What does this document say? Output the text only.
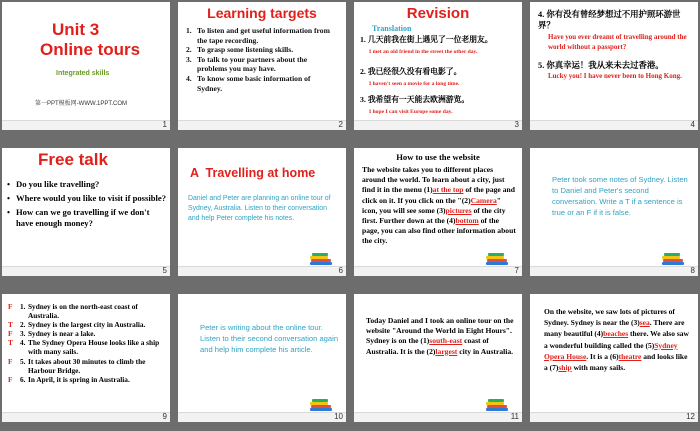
Unit 3
Online tours
Integrated skills
第一PPT模板网-WWW.1PPT.COM
1
Learning targets
1. To listen and get useful information from the tape recording.
2. To grasp some listening skills.
3. To talk to your partners about the problems you may have.
4. To know some basic information of Sydney.
2
Revision
Translation
1. 几天前我在街上遇见了一位老朋友。
I met an old friend in the street the other day.
2. 我已经很久没有看电影了。
I haven't seen a movie for a long time.
3. 我希望有一天能去欧洲游览。
I hope I can visit Europe some day.
3
4. 你有没有曾经梦想过不用护照环游世界？
Have you ever dreamt of travelling around the world without a passport?
5. 你真幸运！我从来未去过香港。
Lucky you! I have never been to Hong Kong.
4
Free talk
• Do you like travelling?
• Where would you like to visit if possible?
• How can we go travelling if we don't have enough money?
5
A  Travelling at home
Daniel and Peter are planning an online tour of Sydney, Australia. Listen to their conversation and help Peter complete his notes.
6
How to use the website
The website takes you to different places around the world. To learn about a city, just find it in the menu (1)at the top of the page and click on it. If you click on the "(2)Camera" icon, you will see some (3)pictures of the city first. Further down at the (4)bottom of the page, you can also find other information about the city.
7
Peter took some notes of Sydney. Listen to Daniel and Peter's second conversation. Write a T if a sentence is true or an F if it is false.
8
F 1. Sydney is on the north-east coast of Australia.
T 2. Sydney is the largest city in Australia.
F 3. Sydney is near a lake.
T 4. The Sydney Opera House looks like a ship with many sails.
F 5. It takes about 30 minutes to climb the Harbour Bridge.
F 6. In April, it is spring in Australia.
9
Peter is writing about the online tour. Listen to their second conversation again and help him complete his article.
10
Today Daniel and I took an online tour on the website "Around the World in Eight Hours". Sydney is on the (1)south-east coast of Australia. It is the (2)largest city in Australia.
11
On the website, we saw lots of pictures of Sydney. Sydney is near the (3)sea. There are many beautiful (4)beaches there. We also saw a wonderful building called the (5)Sydney Opera House. It is a (6)theatre and looks like a (7)ship with many sails.
12
